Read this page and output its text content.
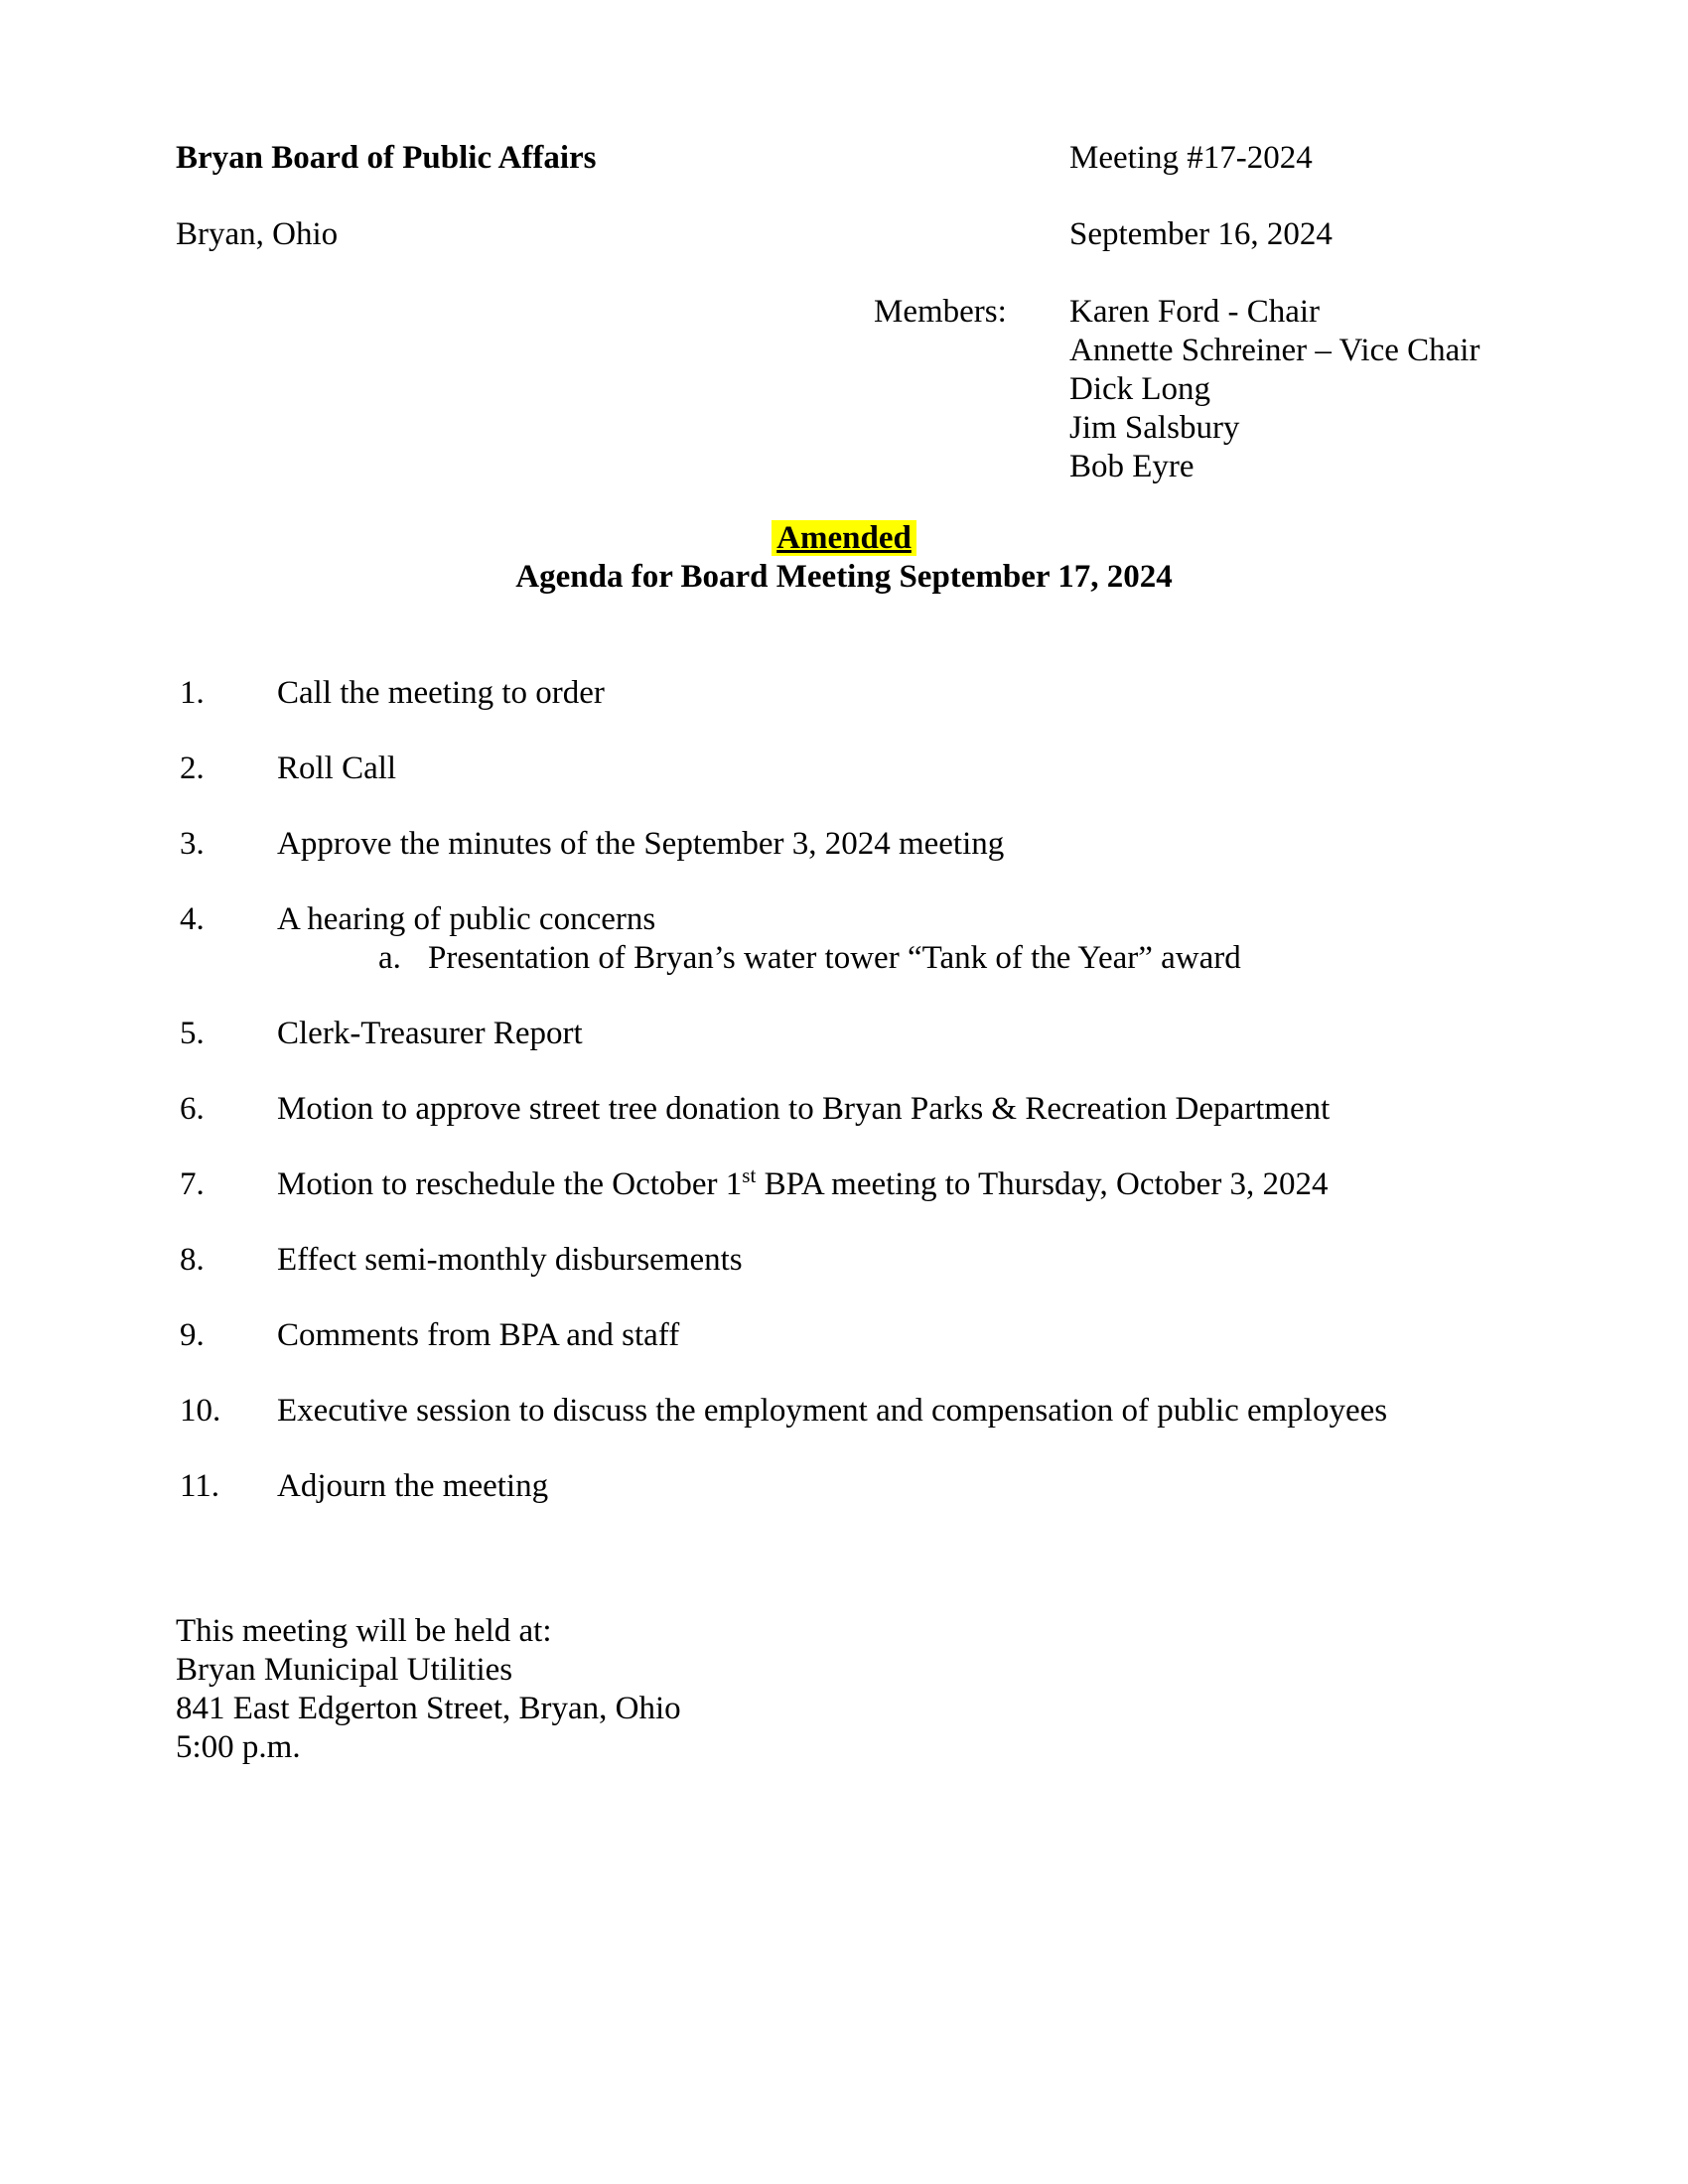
Bryan Board of Public Affairs	Meeting #17-2024
Bryan, Ohio	September 16, 2024
Members: Karen Ford - Chair
Annette Schreiner – Vice Chair
Dick Long
Jim Salsbury
Bob Eyre
Amended
Agenda for Board Meeting September 17, 2024
1. Call the meeting to order
2. Roll Call
3. Approve the minutes of the September 3, 2024 meeting
4. A hearing of public concerns
a. Presentation of Bryan’s water tower “Tank of the Year” award
5. Clerk-Treasurer Report
6. Motion to approve street tree donation to Bryan Parks & Recreation Department
7. Motion to reschedule the October 1st BPA meeting to Thursday, October 3, 2024
8. Effect semi-monthly disbursements
9. Comments from BPA and staff
10. Executive session to discuss the employment and compensation of public employees
11. Adjourn the meeting
This meeting will be held at:
Bryan Municipal Utilities
841 East Edgerton Street, Bryan, Ohio
5:00 p.m.
